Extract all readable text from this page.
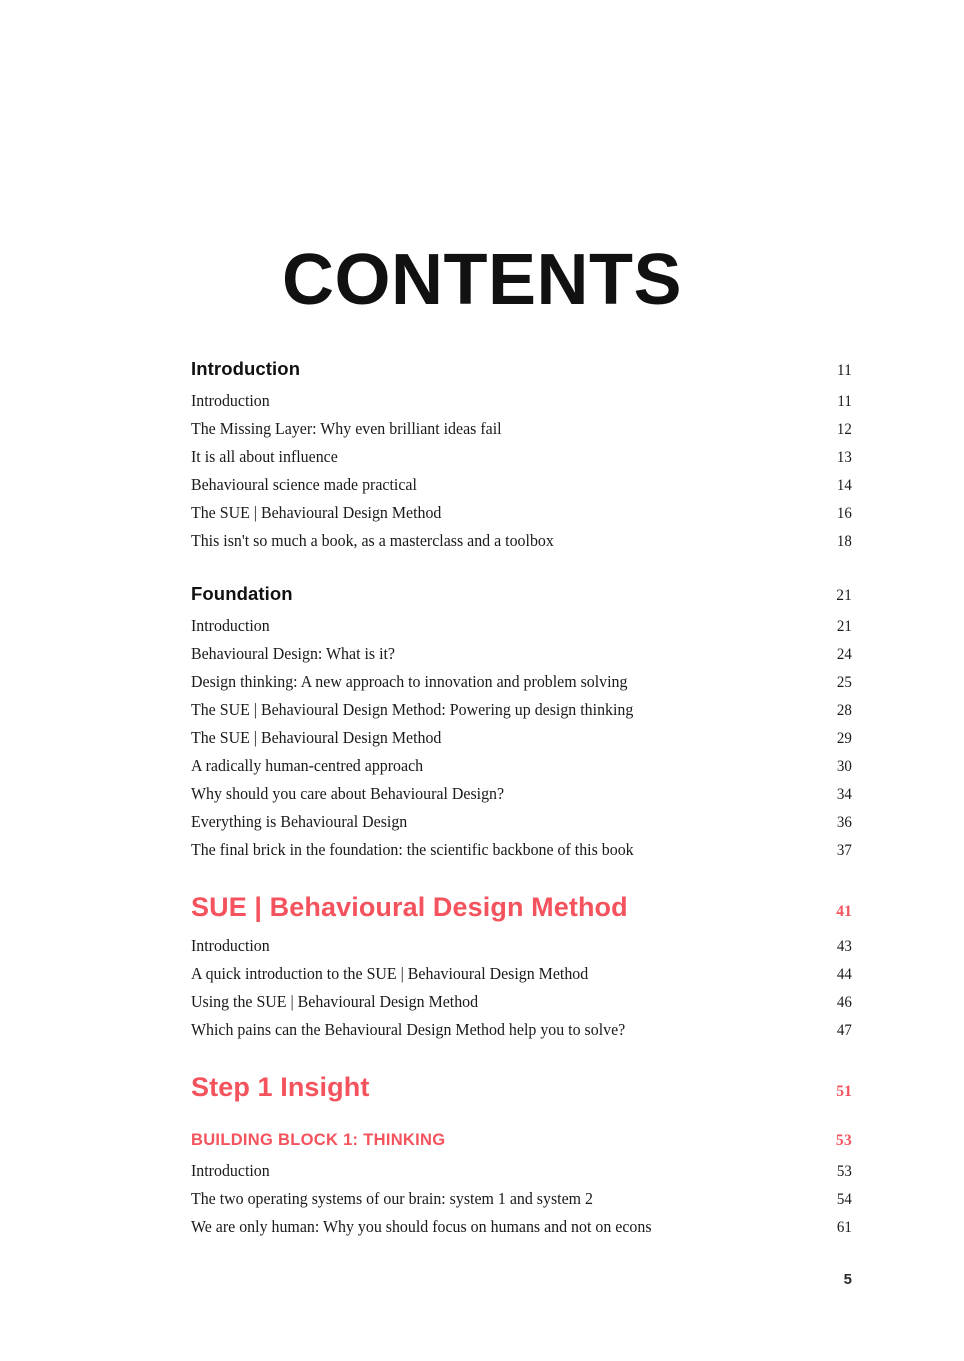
CONTENTS
Introduction	11
Introduction	11
The Missing Layer: Why even brilliant ideas fail	12
It is all about influence	13
Behavioural science made practical	14
The SUE | Behavioural Design Method	16
This isn't so much a book, as a masterclass and a toolbox	18
Foundation	21
Introduction	21
Behavioural Design: What is it?	24
Design thinking: A new approach to innovation and problem solving	25
The SUE | Behavioural Design Method: Powering up design thinking	28
The SUE | Behavioural Design Method	29
A radically human-centred approach	30
Why should you care about Behavioural Design?	34
Everything is Behavioural Design	36
The final brick in the foundation: the scientific backbone of this book	37
SUE | Behavioural Design Method	41
Introduction	43
A quick introduction to the SUE | Behavioural Design Method	44
Using the SUE | Behavioural Design Method	46
Which pains can the Behavioural Design Method help you to solve?	47
Step 1 Insight	51
BUILDING BLOCK 1: THINKING	53
Introduction	53
The two operating systems of our brain: system 1 and system 2	54
We are only human: Why you should focus on humans and not on econs	61
5
